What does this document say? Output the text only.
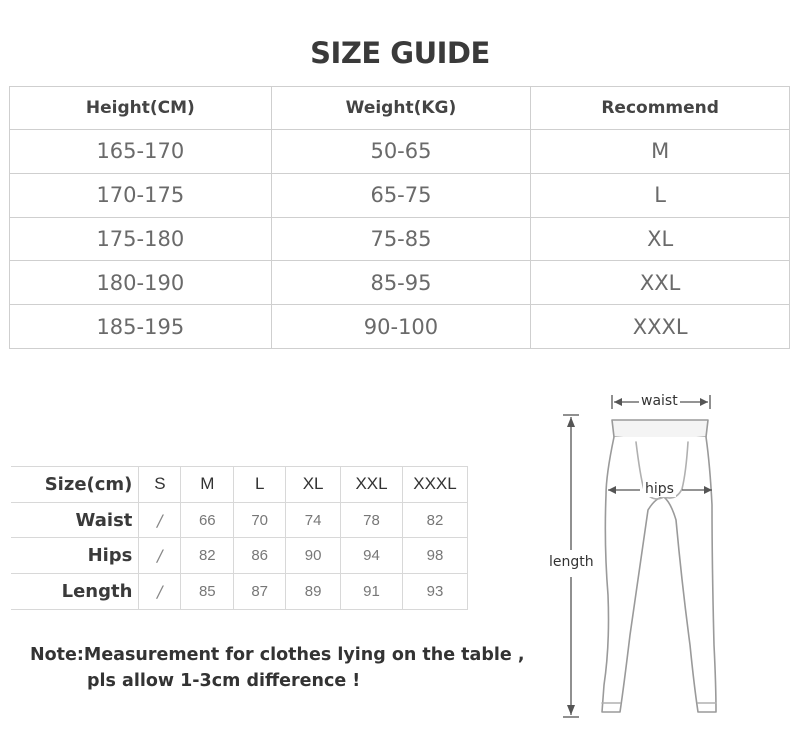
SIZE GUIDE
Height(CM)	Weight(KG)	Recommend
165-170	50-65	M
170-175	65-75	L
175-180	75-85	XL
180-190	85-95	XXL
185-195	90-100	XXXL
Size(cm)	S	M	L	XL	XXL	XXXL
Waist	/	66	70	74	78	82
Hips	/	82	86	90	94	98
Length	/	85	87	89	91	93
Note:Measurement for clothes lying on the table ,
pls allow 1-3cm difference !
waist
hips
length
